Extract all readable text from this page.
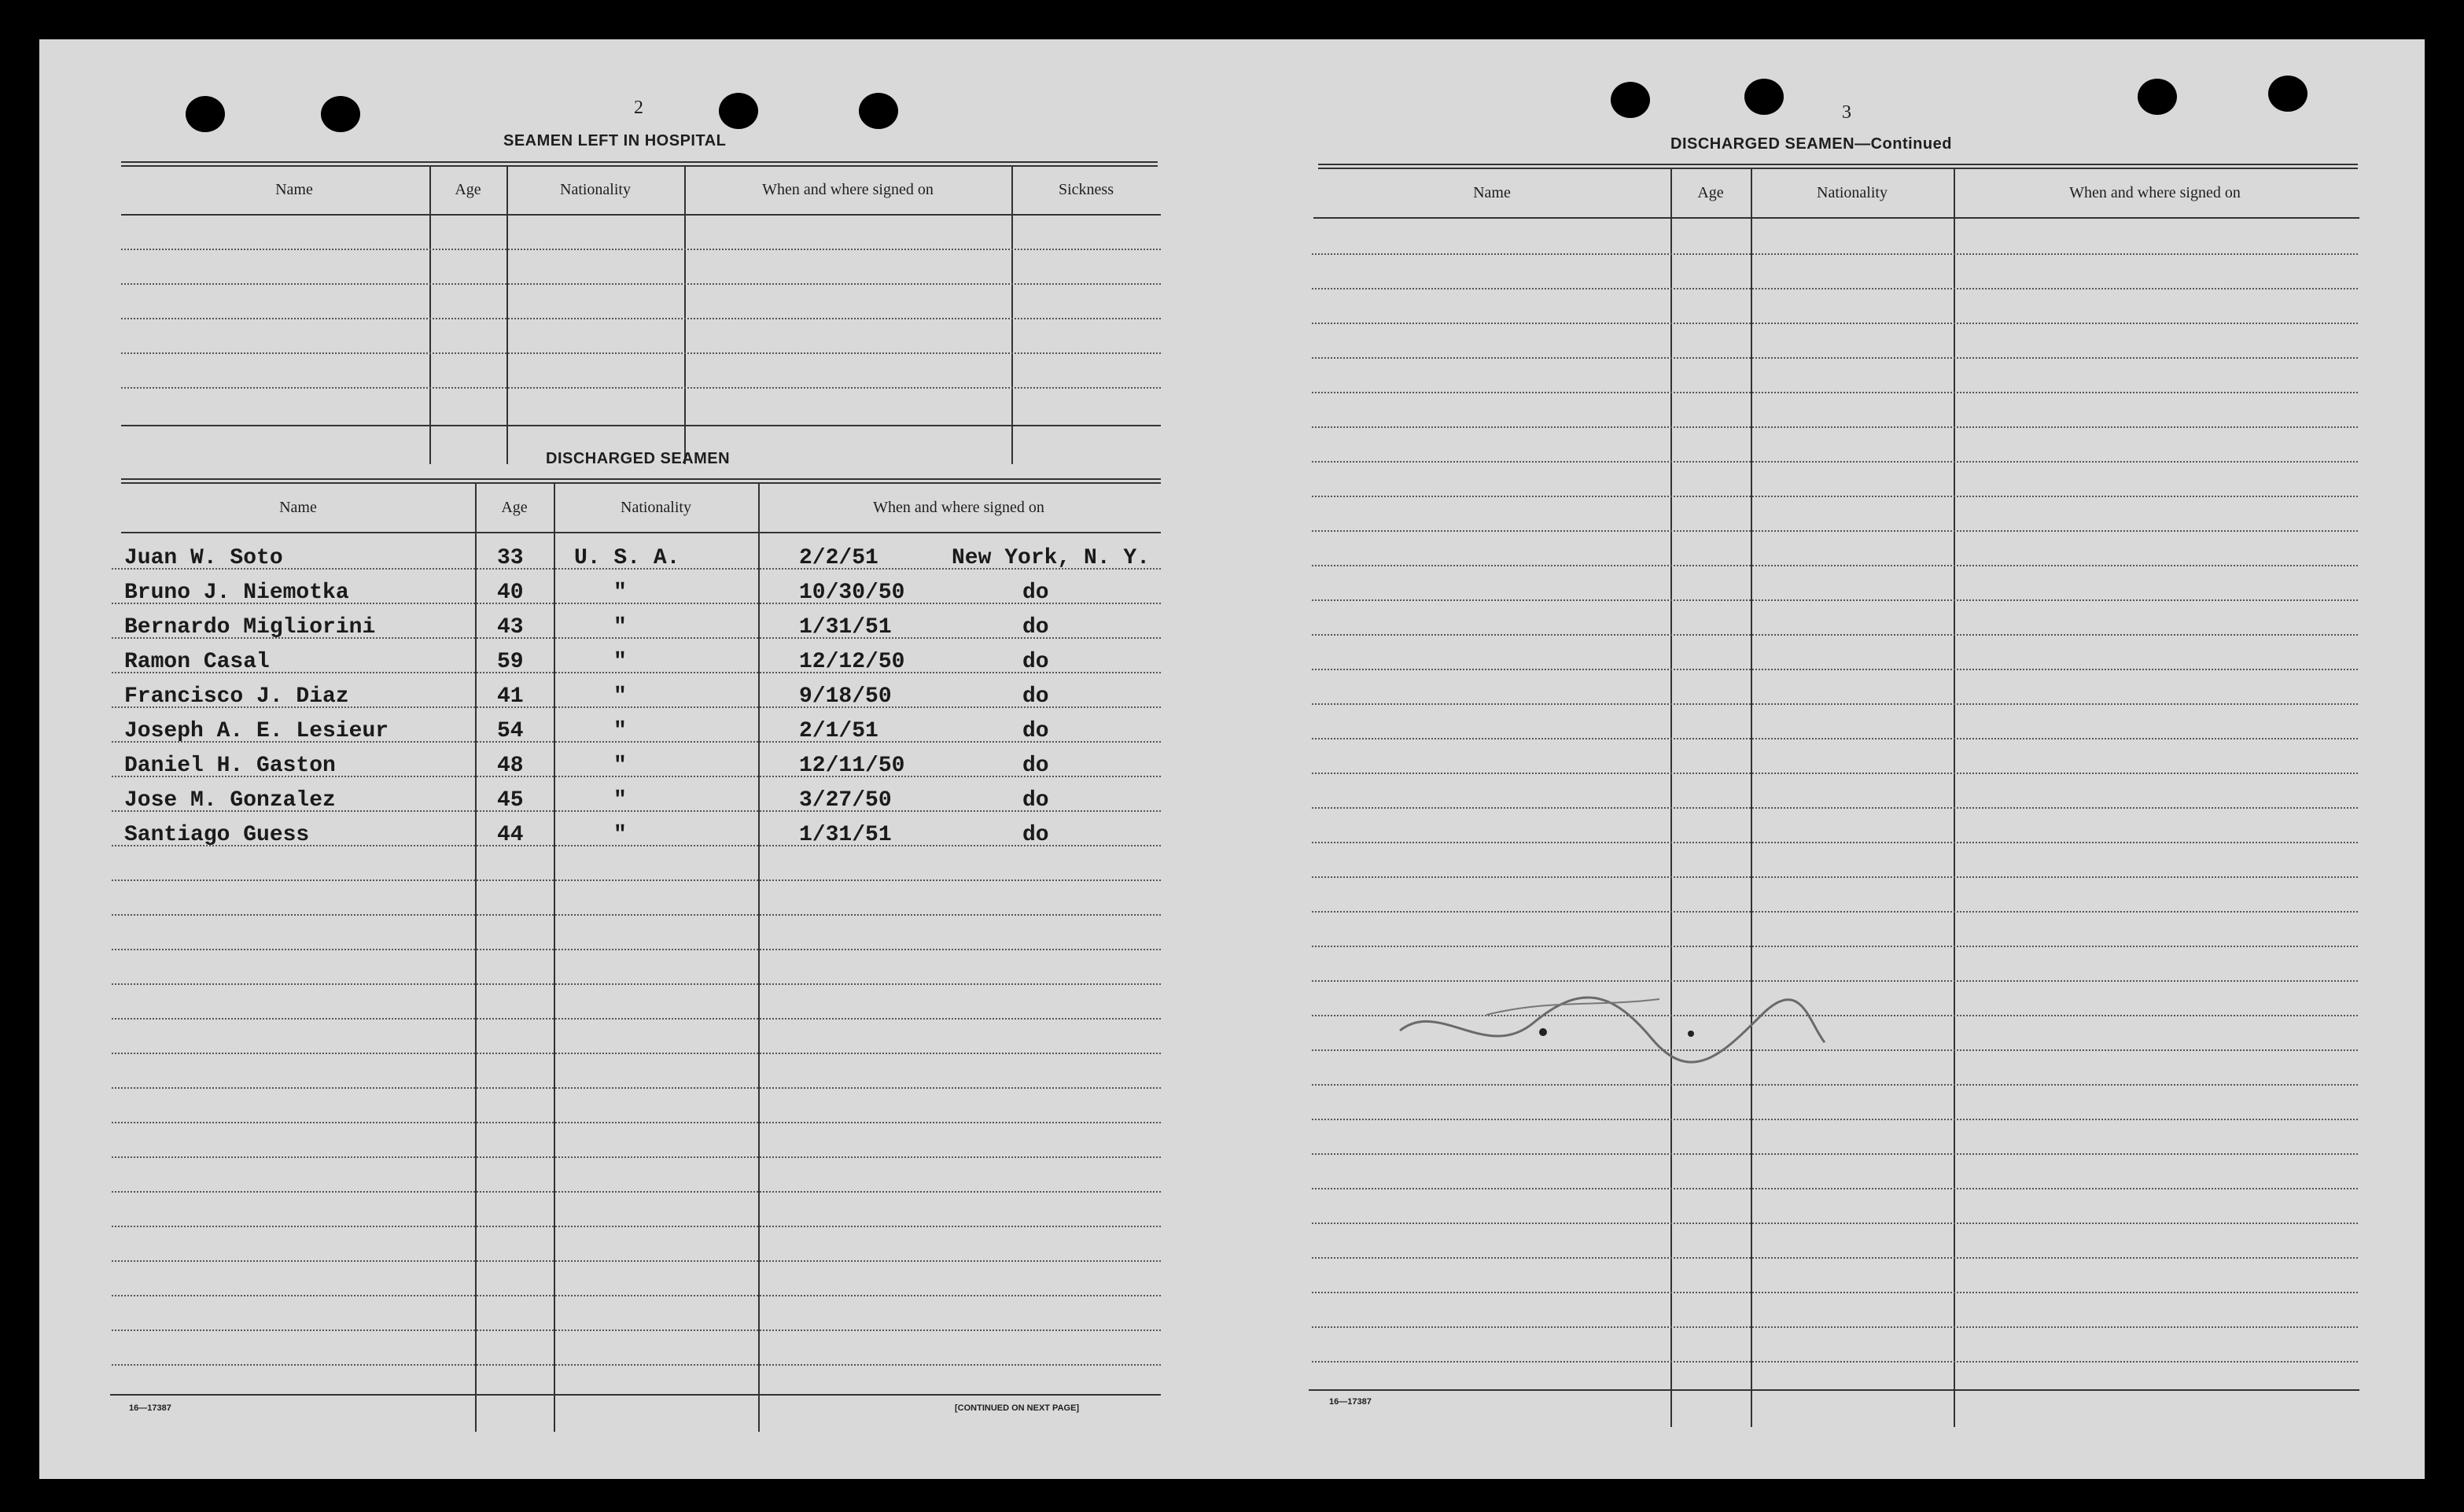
2
SEAMEN LEFT IN HOSPITAL
Name	Age	Nationality	When and where signed on	Sickness
DISCHARGED SEAMEN
Name	Age	Nationality	When and where signed on
Juan W. Soto	33 U. S. A.	2/2/51	New York, N. Y.
Bruno J. Niemotka	40	"	10/30/50	do
Bernardo Migliorini	43	"	1/31/51	do
Ramon Casal	59	"	12/12/50	do
Francisco J. Diaz	41	"	9/18/50	do
Joseph A. E. Lesieur	54	"	2/1/51	do
Daniel H. Gaston	48	"	12/11/50	do
Jose M. Gonzalez	45	"	3/27/50	do
Santiago Guess	44	"	1/31/51	do
16—17387	[CONTINUED ON NEXT PAGE]
3
DISCHARGED SEAMEN—Continued
Name	Age	Nationality	When and where signed on
16—17387
